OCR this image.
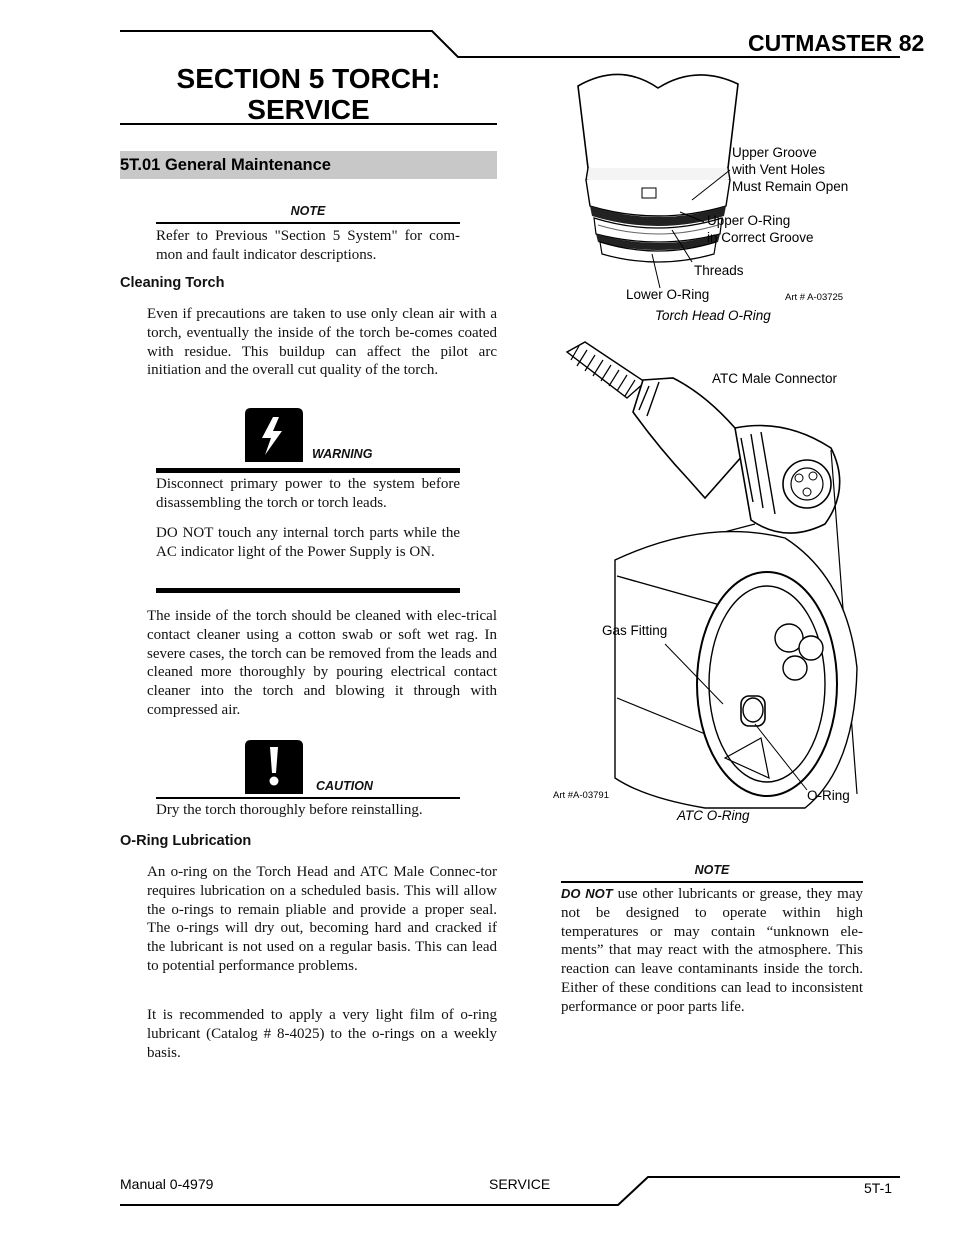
CUTMASTER 82
SECTION 5 TORCH:
SERVICE
5T.01 General Maintenance
NOTE
Refer to Previous "Section 5 System" for com-mon and fault indicator descriptions.
Cleaning Torch
Even if precautions are taken to use only clean air with a torch, eventually the inside of the torch be-comes coated with residue. This buildup can affect the pilot arc initiation and the overall cut quality of the torch.
WARNING
Disconnect primary power to the system before disassembling the torch or torch leads.
DO NOT touch any internal torch parts while the AC indicator light of the Power Supply is ON.
The inside of the torch should be cleaned with elec-trical contact cleaner using a cotton swab or soft wet rag. In severe cases, the torch can be removed from the leads and cleaned more thoroughly by pouring electrical contact cleaner into the torch and blowing it through with compressed air.
CAUTION
Dry the torch thoroughly before reinstalling.
O-Ring Lubrication
An o-ring on the Torch Head and ATC Male Connec-tor requires lubrication on a scheduled basis. This will allow the o-rings to remain pliable and provide a proper seal. The o-rings will dry out, becoming hard and cracked if the lubricant is not used on a regular basis. This can lead to potential performance problems.
It is recommended to apply a very light film of o-ring lubricant (Catalog # 8-4025) to the o-rings on a weekly basis.
Upper Groove
with Vent Holes
Must Remain Open
Upper O-Ring
in Correct Groove
Threads
Lower O-Ring	Art # A-03725
Torch Head O-Ring
ATC Male Connector
Gas Fitting
O-Ring
Art #A-03791
ATC O-Ring
NOTE
DO NOT use other lubricants or grease, they may not be designed to operate within high temperatures or may contain “unknown ele-ments” that may react with the atmosphere. This reaction can leave contaminants inside the torch. Either of these conditions can lead to inconsistent performance or poor parts life.
Manual 0-4979	SERVICE	5T-1
